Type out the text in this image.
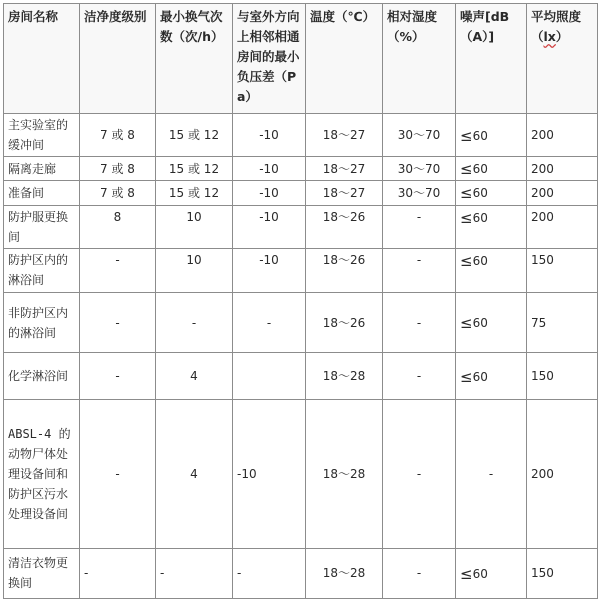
房间名称	洁净度级别	最小换气次数（次/h）	与室外方向上相邻相通房间的最小负压差（Pa）	温度（℃）	相对湿度（%）	噪声[dB（A）]	平均照度（lx）
主实验室的缓冲间	7 或 8	15 或 12	-10	18～27	30～70	≤60	200
隔离走廊	7 或 8	15 或 12	-10	18～27	30～70	≤60	200
准备间	7 或 8	15 或 12	-10	18～27	30～70	≤60	200
防护服更换间	8	10	-10	18～26	-	≤60	200
防护区内的淋浴间	-	10	-10	18～26	-	≤60	150
非防护区内的淋浴间	-	-	-	18～26	-	≤60	75
化学淋浴间	-	4		18～28	-	≤60	150
ABSL-4 的动物尸体处理设备间和防护区污水处理设备间	-	4	-10	18～28	-	-	200
清洁衣物更换间	-	-	-	18～28	-	≤60	150
